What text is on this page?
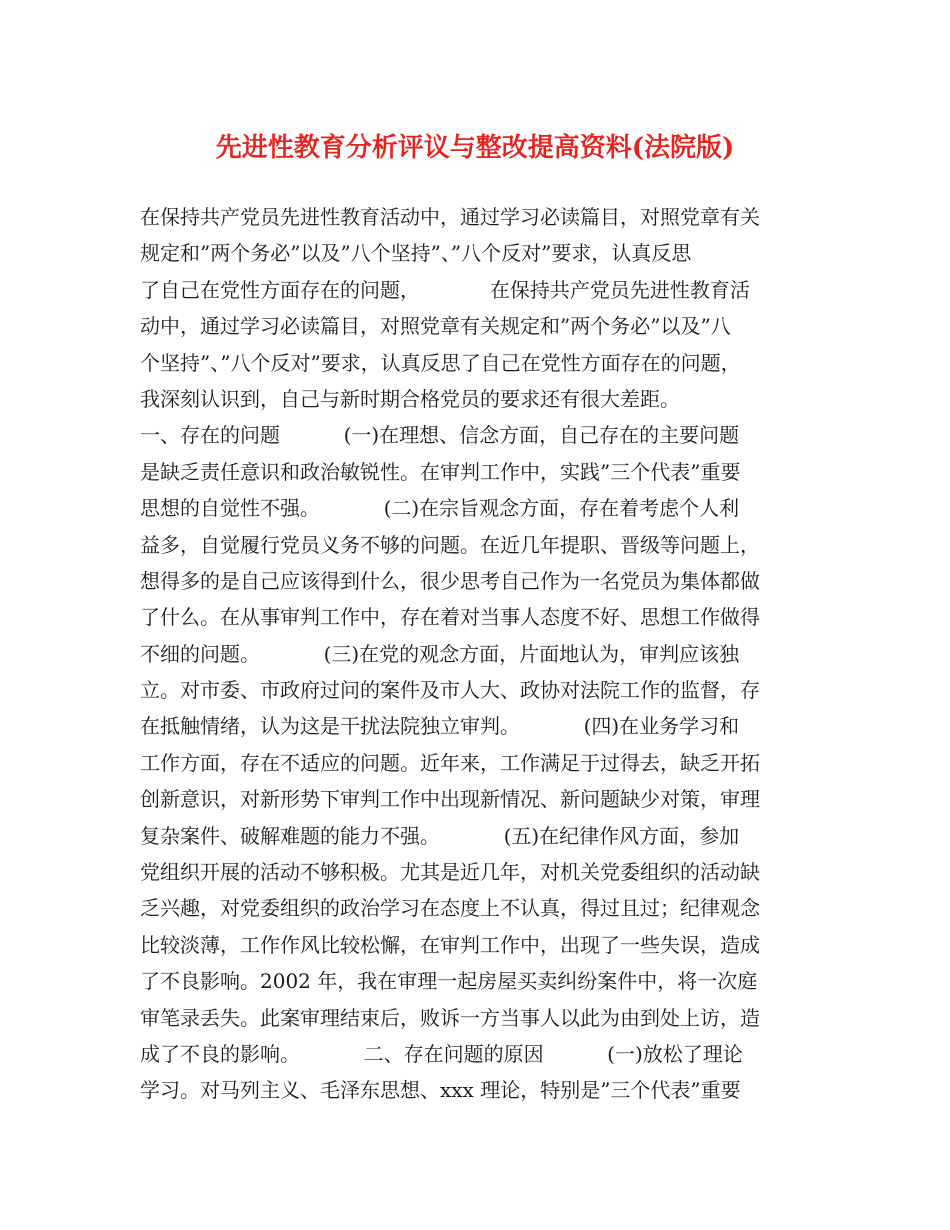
先进性教育分析评议与整改提高资料(法院版)
在保持共产党员先进性教育活动中，通过学习必读篇目，对照党章有关
规定和”两个务必”以及”八个坚持”、”八个反对”要求，认真反思
了自己在党性方面存在的问题，           在保持共产党员先进性教育活
动中，通过学习必读篇目，对照党章有关规定和”两个务必”以及”八
个坚持”、”八个反对”要求，认真反思了自己在党性方面存在的问题，
我深刻认识到，自己与新时期合格党员的要求还有很大差距。
一、存在的问题          (一)在理想、信念方面，自己存在的主要问题
是缺乏责任意识和政治敏锐性。在审判工作中，实践”三个代表”重要
思想的自觉性不强。          (二)在宗旨观念方面，存在着考虑个人利
益多，自觉履行党员义务不够的问题。在近几年提职、晋级等问题上，
想得多的是自己应该得到什么，很少思考自己作为一名党员为集体都做
了什么。在从事审判工作中，存在着对当事人态度不好、思想工作做得
不细的问题。          (三)在党的观念方面，片面地认为，审判应该独
立。对市委、市政府过问的案件及市人大、政协对法院工作的监督，存
在抵触情绪，认为这是干扰法院独立审判。          (四)在业务学习和
工作方面，存在不适应的问题。近年来，工作满足于过得去，缺乏开拓
创新意识，对新形势下审判工作中出现新情况、新问题缺少对策，审理
复杂案件、破解难题的能力不强。          (五)在纪律作风方面，参加
党组织开展的活动不够积极。尤其是近几年，对机关党委组织的活动缺
乏兴趣，对党委组织的政治学习在态度上不认真，得过且过；纪律观念
比较淡薄，工作作风比较松懈，在审判工作中，出现了一些失误，造成
了不良影响。2002 年，我在审理一起房屋买卖纠纷案件中，将一次庭
审笔录丢失。此案审理结束后，败诉一方当事人以此为由到处上访，造
成了不良的影响。          二、存在问题的原因          (一)放松了理论
学习。对马列主义、毛泽东思想、xxx 理论，特别是”三个代表”重要
